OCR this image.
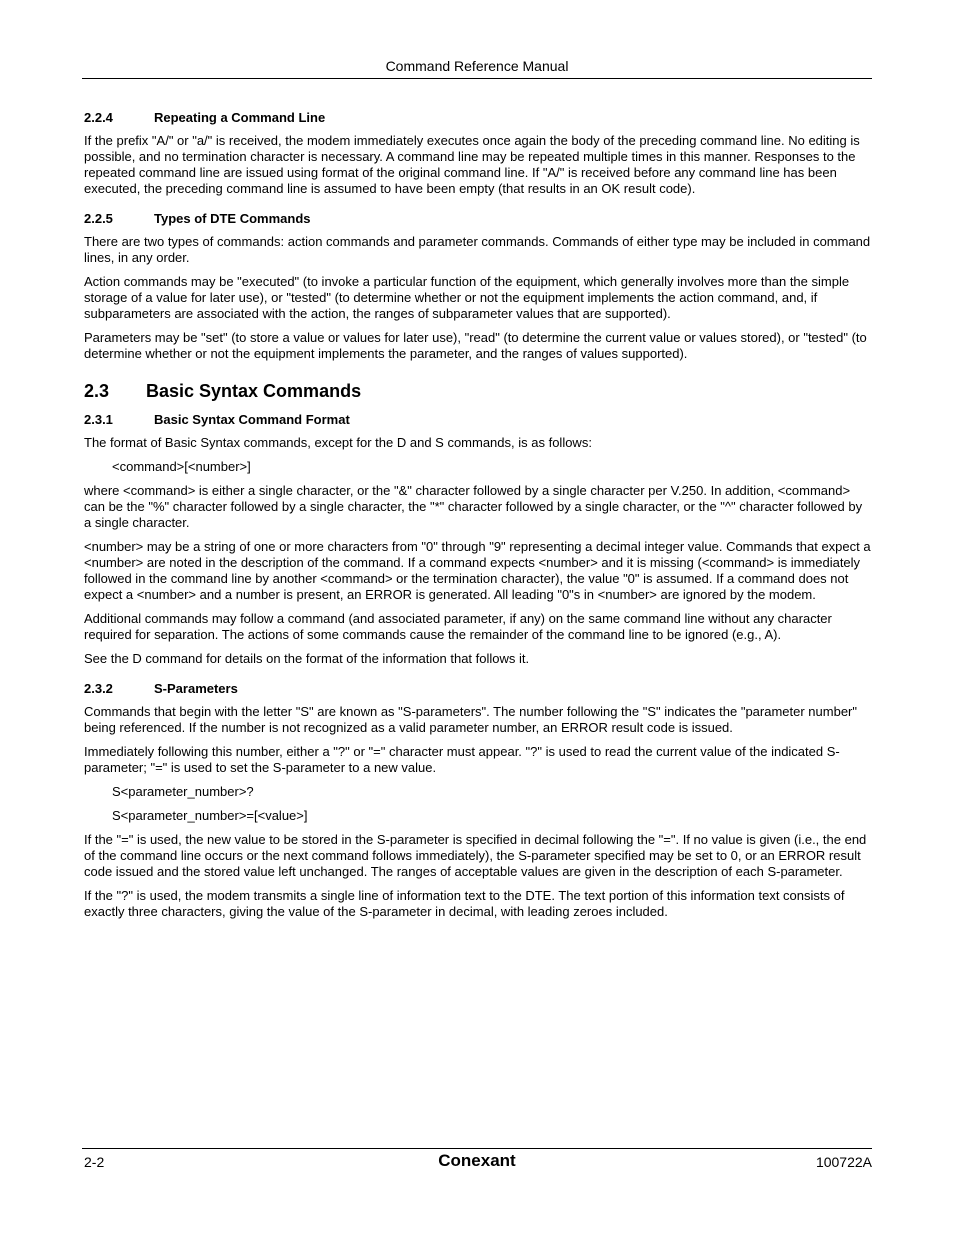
Command Reference Manual
2.2.4	Repeating a Command Line

If the prefix "A/" or "a/" is received, the modem immediately executes once again the body of the preceding command line. No editing is possible, and no termination character is necessary. A command line may be repeated multiple times in this manner. Responses to the repeated command line are issued using format of the original command line. If "A/" is received before any command line has been executed, the preceding command line is assumed to have been empty (that results in an OK result code).

2.2.5	Types of DTE Commands

There are two types of commands: action commands and parameter commands. Commands of either type may be included in command lines, in any order.

Action commands may be "executed" (to invoke a particular function of the equipment, which generally involves more than the simple storage of a value for later use), or "tested" (to determine whether or not the equipment implements the action command, and, if subparameters are associated with the action, the ranges of subparameter values that are supported).

Parameters may be "set" (to store a value or values for later use), "read" (to determine the current value or values stored), or "tested" (to determine whether or not the equipment implements the parameter, and the ranges of values supported).

2.3	Basic Syntax Commands
2.3.1	Basic Syntax Command Format

The format of Basic Syntax commands, except for the D and S commands, is as follows:

<command>[<number>]

where <command> is either a single character, or the "&" character followed by a single character per V.250. In addition, <command> can be the "%" character followed by a single character, the "*" character followed by a single character, or the "^" character followed by a single character.

<number> may be a string of one or more characters from "0" through "9" representing a decimal integer value. Commands that expect a <number> are noted in the description of the command. If a command expects <number> and it is missing (<command> is immediately followed in the command line by another <command> or the termination character), the value "0" is assumed. If a command does not expect a <number> and a number is present, an ERROR is generated. All leading "0"s in <number> are ignored by the modem.

Additional commands may follow a command (and associated parameter, if any) on the same command line without any character required for separation. The actions of some commands cause the remainder of the command line to be ignored (e.g., A).

See the D command for details on the format of the information that follows it.

2.3.2	S-Parameters

Commands that begin with the letter "S" are known as "S-parameters". The number following the "S" indicates the "parameter number" being referenced. If the number is not recognized as a valid parameter number, an ERROR result code is issued.

Immediately following this number, either a "?" or "=" character must appear. "?" is used to read the current value of the indicated S-parameter; "=" is used to set the S-parameter to a new value.

S<parameter_number>?

S<parameter_number>=[<value>]

If the "=" is used, the new value to be stored in the S-parameter is specified in decimal following the "=". If no value is given (i.e., the end of the command line occurs or the next command follows immediately), the S-parameter specified may be set to 0, or an ERROR result code issued and the stored value left unchanged. The ranges of acceptable values are given in the description of each S-parameter.

If the "?" is used, the modem transmits a single line of information text to the DTE. The text portion of this information text consists of exactly three characters, giving the value of the S-parameter in decimal, with leading zeroes included.

2-2	Conexant	100722A
